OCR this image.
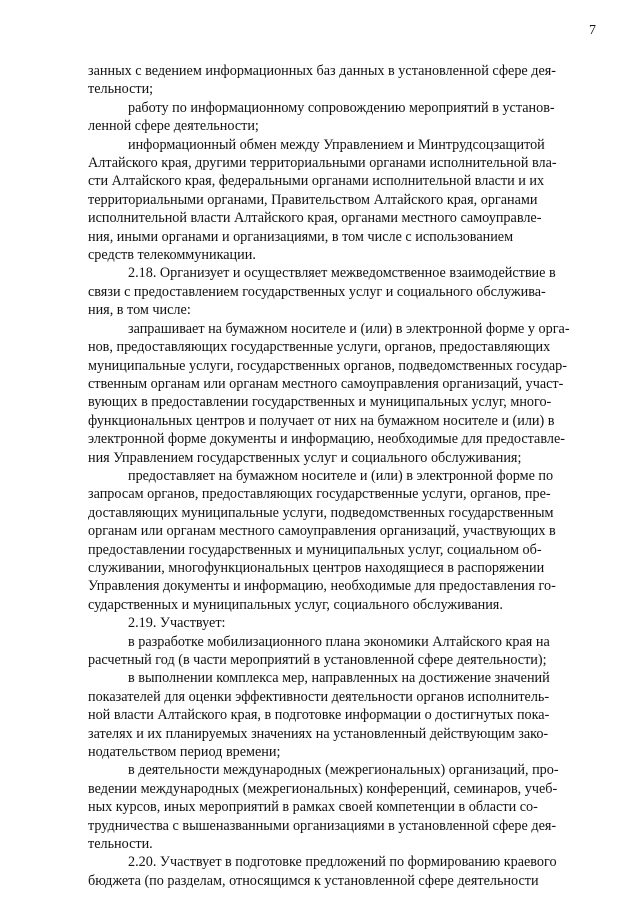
7

занных с ведением информационных баз данных в установленной сфере дея-
тельности;

работу по информационному сопровождению мероприятий в установ-
ленной сфере деятельности;

информационный обмен между Управлением и Минтрудсоцзащитой
Алтайского края, другими территориальными органами исполнительной вла-
сти Алтайского края, федеральными органами исполнительной власти и их
территориальными органами, Правительством Алтайского края, органами
исполнительной власти Алтайского края, органами местного самоуправле-
ния, иными органами и организациями, в том числе с использованием
средств телекоммуникации.

2.18. Организует и осуществляет межведомственное взаимодействие в
связи с предоставлением государственных услуг и социального обслужива-
ния, в том числе:

запрашивает на бумажном носителе и (или) в электронной форме у орга-
нов, предоставляющих государственные услуги, органов, предоставляющих
муниципальные услуги, государственных органов, подведомственных государ-
ственным органам или органам местного самоуправления организаций, участ-
вующих в предоставлении государственных и муниципальных услуг, много-
функциональных центров и получает от них на бумажном носителе и (или) в
электронной форме документы и информацию, необходимые для предоставле-
ния Управлением государственных услуг и социального обслуживания;

предоставляет на бумажном носителе и (или) в электронной форме по
запросам органов, предоставляющих государственные услуги, органов, пре-
доставляющих муниципальные услуги, подведомственных государственным
органам или органам местного самоуправления организаций, участвующих в
предоставлении государственных и муниципальных услуг, социальном об-
служивании, многофункциональных центров находящиеся в распоряжении
Управления документы и информацию, необходимые для предоставления го-
сударственных и муниципальных услуг, социального обслуживания.

2.19. Участвует:

в разработке мобилизационного плана экономики Алтайского края на
расчетный год (в части мероприятий в установленной сфере деятельности);

в выполнении комплекса мер, направленных на достижение значений
показателей для оценки эффективности деятельности органов исполнитель-
ной власти Алтайского края, в подготовке информации о достигнутых пока-
зателях и их планируемых значениях на установленный действующим зако-
нодательством период времени;

в деятельности международных (межрегиональных) организаций, про-
ведении международных (межрегиональных) конференций, семинаров, учеб-
ных курсов, иных мероприятий в рамках своей компетенции в области со-
трудничества с вышеназванными организациями в установленной сфере дея-
тельности.

2.20. Участвует в подготовке предложений по формированию краевого
бюджета (по разделам, относящимся к установленной сфере деятельности
